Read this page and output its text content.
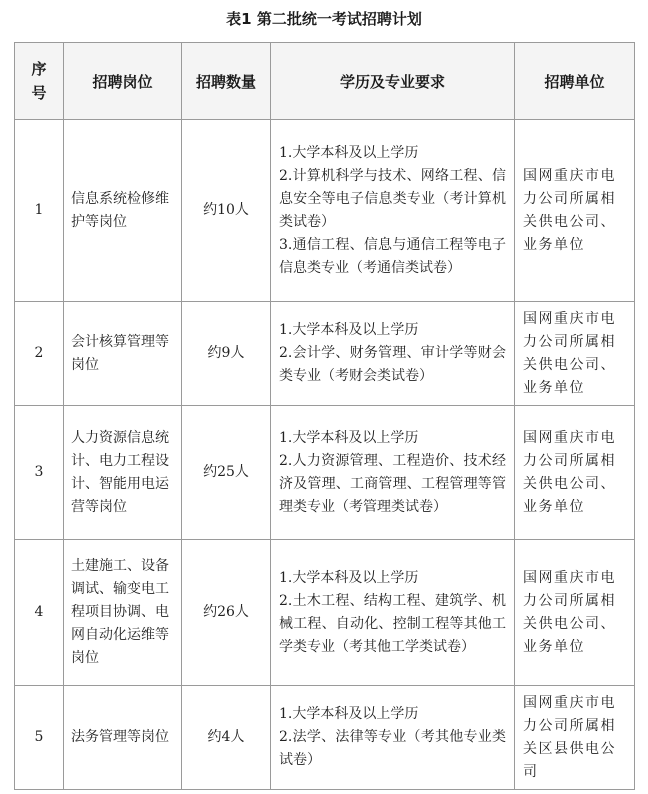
表1 第二批统一考试招聘计划
序号	招聘岗位	招聘数量	学历及专业要求	招聘单位
1	信息系统检修维护等岗位	约10人	1.大学本科及以上学历
2.计算机科学与技术、网络工程、信息安全等电子信息类专业（考计算机类试卷）
3.通信工程、信息与通信工程等电子信息类专业（考通信类试卷）	国网重庆市电力公司所属相关供电公司、业务单位
2	会计核算管理等岗位	约9人	1.大学本科及以上学历
2.会计学、财务管理、审计学等财会类专业（考财会类试卷）	国网重庆市电力公司所属相关供电公司、业务单位
3	人力资源信息统计、电力工程设计、智能用电运营等岗位	约25人	1.大学本科及以上学历
2.人力资源管理、工程造价、技术经济及管理、工商管理、工程管理等管理类专业（考管理类试卷）	国网重庆市电力公司所属相关供电公司、业务单位
4	土建施工、设备调试、输变电工程项目协调、电网自动化运维等岗位	约26人	1.大学本科及以上学历
2.土木工程、结构工程、建筑学、机械工程、自动化、控制工程等其他工学类专业（考其他工学类试卷）	国网重庆市电力公司所属相关供电公司、业务单位
5	法务管理等岗位	约4人	1.大学本科及以上学历
2.法学、法律等专业（考其他专业类试卷）	国网重庆市电力公司所属相关区县供电公司
